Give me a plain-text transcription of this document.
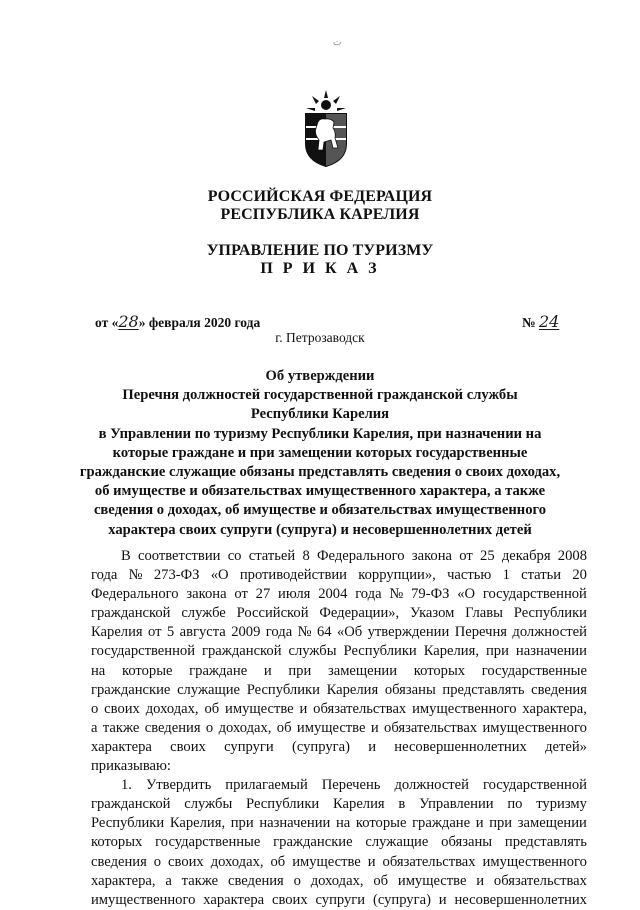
ت
РОССИЙСКАЯ ФЕДЕРАЦИЯ
РЕСПУБЛИКА КАРЕЛИЯ
УПРАВЛЕНИЕ ПО ТУРИЗМУ
П Р И К А З
от «28» февраля 2020 года	№ 24
г. Петрозаводск
Об утверждении
Перечня должностей государственной гражданской службы
Республики Карелия
в Управлении по туризму Республики Карелия, при назначении на
которые граждане и при замещении которых государственные
гражданские служащие обязаны представлять сведения о своих доходах,
об имуществе и обязательствах имущественного характера, а также
сведения о доходах, об имуществе и обязательствах имущественного
характера своих супруги (супруга) и несовершеннолетних детей
В соответствии со статьей 8 Федерального закона от 25 декабря 2008
года № 273-ФЗ «О противодействии коррупции», частью 1 статьи 20
Федерального закона от 27 июля 2004 года № 79-ФЗ «О государственной
гражданской службе Российской Федерации», Указом Главы Республики
Карелия от 5 августа 2009 года № 64 «Об утверждении Перечня должностей
государственной гражданской службы Республики Карелия, при назначении
на которые граждане и при замещении которых государственные
гражданские служащие Республики Карелия обязаны представлять сведения
о своих доходах, об имуществе и обязательствах имущественного характера,
а также сведения о доходах, об имуществе и обязательствах имущественного
характера своих супруги (супруга) и несовершеннолетних детей»
приказываю:
1. Утвердить прилагаемый Перечень должностей государственной
гражданской службы Республики Карелия в Управлении по туризму
Республики Карелия, при назначении на которые граждане и при замещении
которых государственные гражданские служащие обязаны представлять
сведения о своих доходах, об имуществе и обязательствах имущественного
характера, а также сведения о доходах, об имуществе и обязательствах
имущественного характера своих супруги (супруга) и несовершеннолетних
